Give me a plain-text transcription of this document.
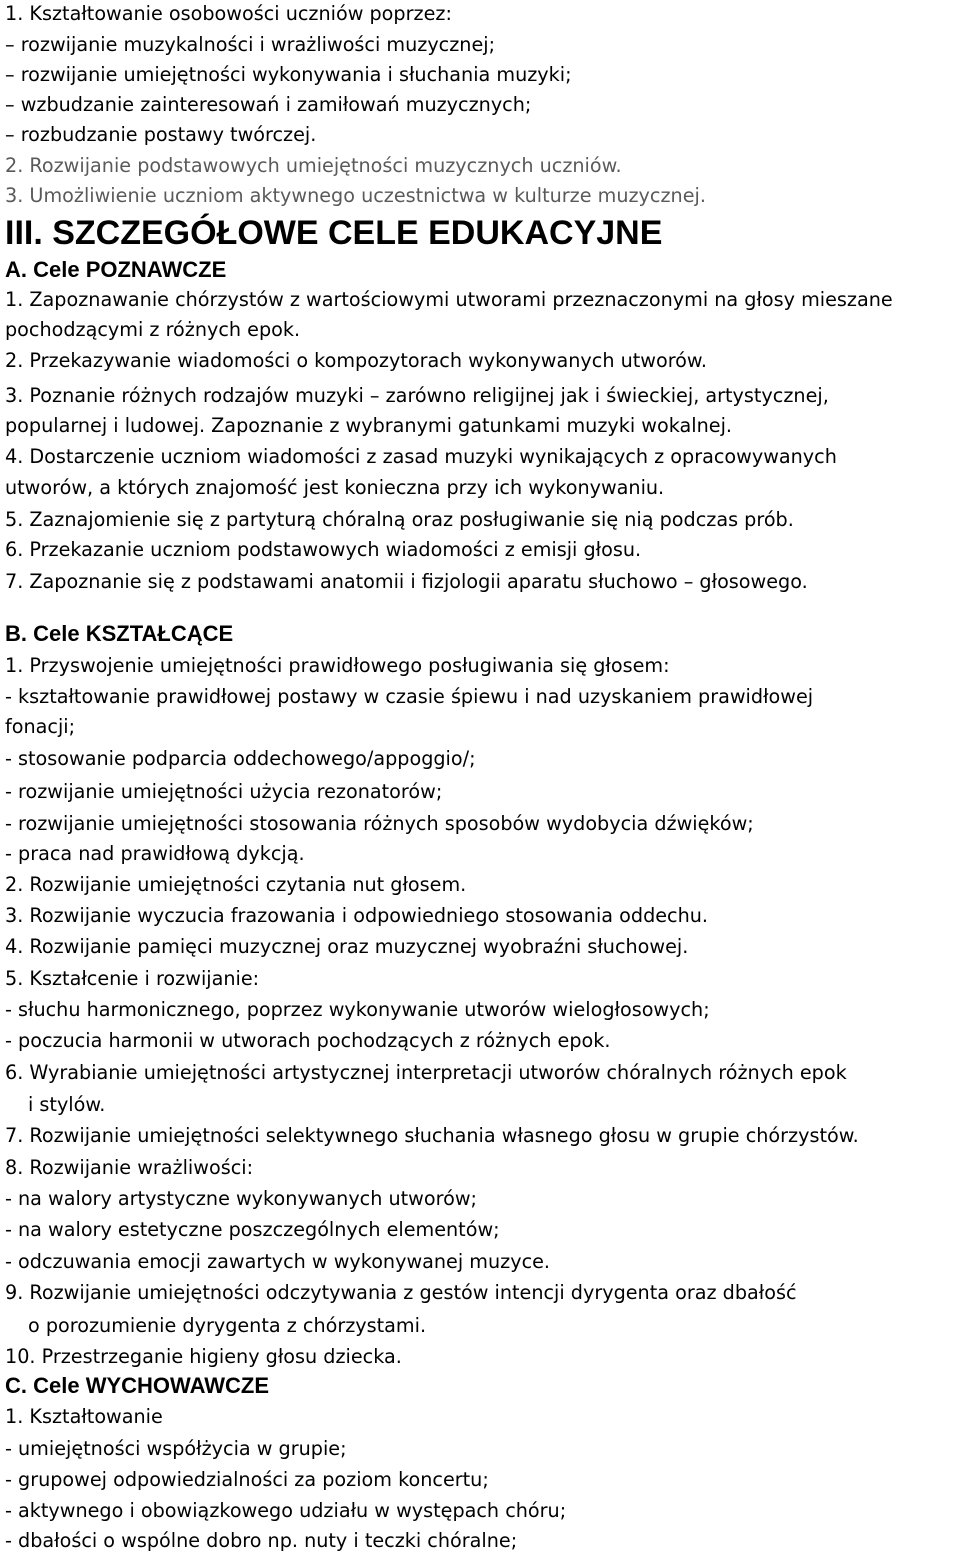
1. Kształtowanie osobowości uczniów poprzez:
– rozwijanie muzykalności i wrażliwości muzycznej;
– rozwijanie umiejętności wykonywania i słuchania muzyki;
– wzbudzanie zainteresowań i zamiłowań muzycznych;
– rozbudzanie postawy twórczej.
2. Rozwijanie podstawowych umiejętności muzycznych uczniów.
3. Umożliwienie uczniom aktywnego uczestnictwa w kulturze muzycznej.
III. SZCZEGÓŁOWE CELE EDUKACYJNE
A. Cele POZNAWCZE
1. Zapoznawanie chórzystów z wartościowymi utworami przeznaczonymi na głosy mieszane
pochodzącymi z różnych epok.
2. Przekazywanie wiadomości o kompozytorach wykonywanych utworów.
3. Poznanie różnych rodzajów muzyki – zarówno religijnej jak i świeckiej, artystycznej,
popularnej i ludowej. Zapoznanie z wybranymi gatunkami muzyki wokalnej.
4. Dostarczenie uczniom wiadomości z zasad muzyki wynikających z opracowywanych
utworów, a których znajomość jest konieczna przy ich wykonywaniu.
5. Zaznajomienie się z partyturą chóralną oraz posługiwanie się nią podczas prób.
6. Przekazanie uczniom podstawowych wiadomości z emisji głosu.
7. Zapoznanie się z podstawami anatomii i fizjologii aparatu słuchowo – głosowego.
B. Cele KSZTAŁCĄCE
1. Przyswojenie umiejętności prawidłowego posługiwania się głosem:
- kształtowanie prawidłowej postawy w czasie śpiewu i nad uzyskaniem prawidłowej
fonacji;
- stosowanie podparcia oddechowego/appoggio/;
- rozwijanie umiejętności użycia rezonatorów;
- rozwijanie umiejętności stosowania różnych sposobów wydobycia dźwięków;
- praca nad prawidłową dykcją.
2. Rozwijanie umiejętności czytania nut głosem.
3. Rozwijanie wyczucia frazowania i odpowiedniego stosowania oddechu.
4. Rozwijanie pamięci muzycznej oraz muzycznej wyobraźni słuchowej.
5. Kształcenie i rozwijanie:
- słuchu harmonicznego, poprzez wykonywanie utworów wielogłosowych;
- poczucia harmonii w utworach pochodzących z różnych epok.
6. Wyrabianie umiejętności artystycznej interpretacji utworów chóralnych różnych epok
i stylów.
7. Rozwijanie umiejętności selektywnego słuchania własnego głosu w grupie chórzystów.
8. Rozwijanie wrażliwości:
- na walory artystyczne wykonywanych utworów;
- na walory estetyczne poszczególnych elementów;
- odczuwania emocji zawartych w wykonywanej muzyce.
9. Rozwijanie umiejętności odczytywania z gestów intencji dyrygenta oraz dbałość
o porozumienie dyrygenta z chórzystami.
10. Przestrzeganie higieny głosu dziecka.
C. Cele WYCHOWAWCZE
1. Kształtowanie
- umiejętności współżycia w grupie;
- grupowej odpowiedzialności za poziom koncertu;
- aktywnego i obowiązkowego udziału w występach chóru;
- dbałości o wspólne dobro np. nuty i teczki chóralne;
